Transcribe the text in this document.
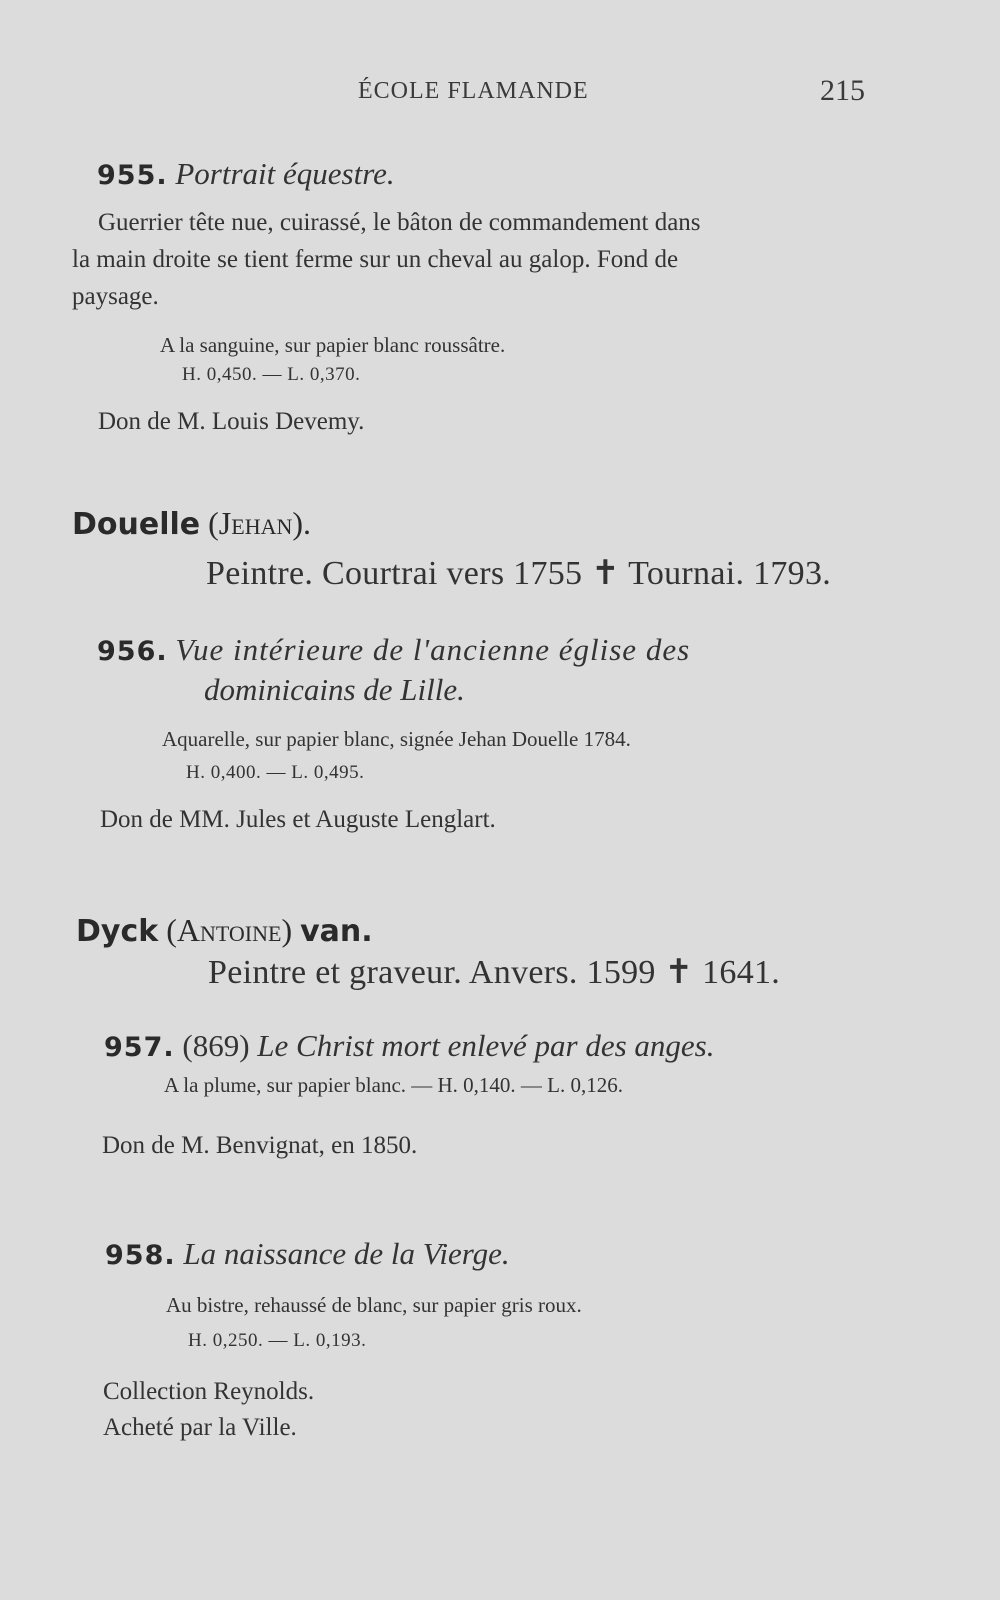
ÉCOLE FLAMANDE	215
955. Portrait équestre.
Guerrier tête nue, cuirassé, le bâton de commandement dans
la main droite se tient ferme sur un cheval au galop. Fond de
paysage.
A la sanguine, sur papier blanc roussâtre.
H. 0,450. — L. 0,370.
Don de M. Louis Devemy.
Douelle (Jehan).
Peintre. Courtrai vers 1755 ✝ Tournai. 1793.
956. Vue intérieure de l'ancienne église des
dominicains de Lille.
Aquarelle, sur papier blanc, signée Jehan Douelle 1784.
H. 0,400. — L. 0,495.
Don de MM. Jules et Auguste Lenglart.
Dyck (Antoine) van.
Peintre et graveur. Anvers. 1599 ✝ 1641.
957. (869) Le Christ mort enlevé par des anges.
A la plume, sur papier blanc. — H. 0,140. — L. 0,126.
Don de M. Benvignat, en 1850.
958. La naissance de la Vierge.
Au bistre, rehaussé de blanc, sur papier gris roux.
H. 0,250. — L. 0,193.
Collection Reynolds.
Acheté par la Ville.
